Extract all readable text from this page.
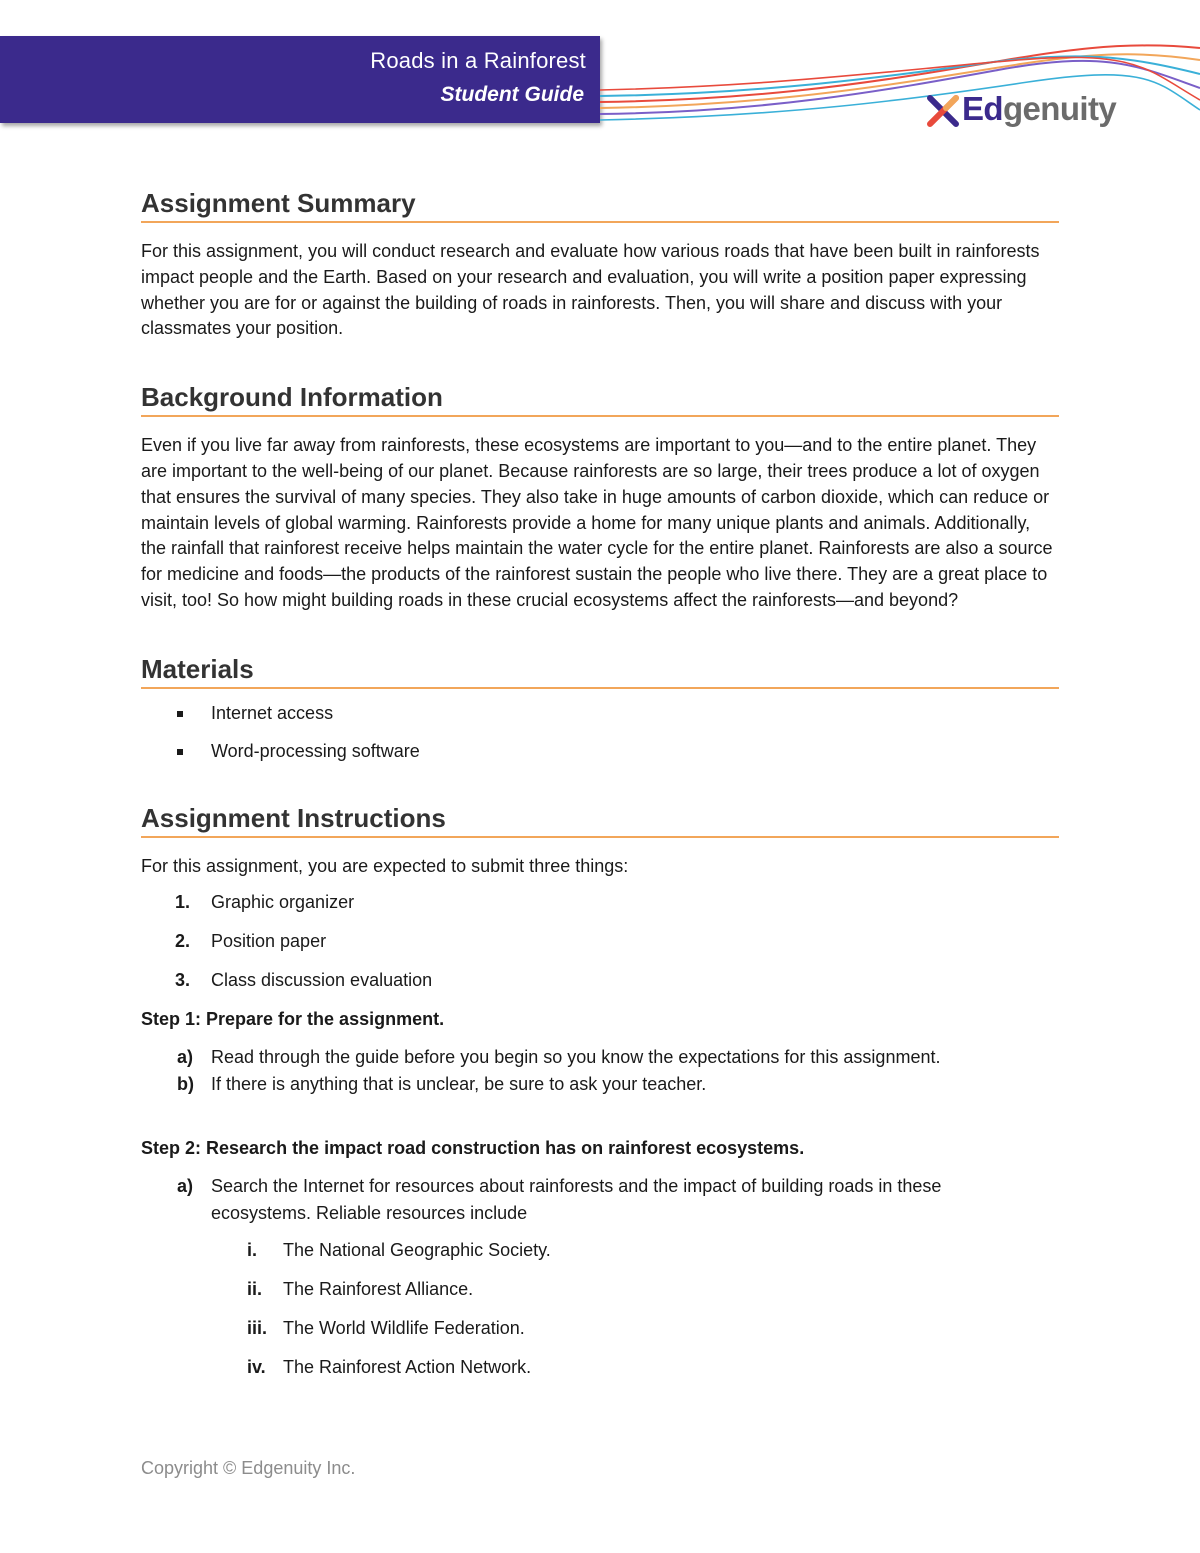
Roads in a Rainforest
Student Guide	Edgenuity
Assignment Summary

For this assignment, you will conduct research and evaluate how various roads that have been built in rainforests impact people and the Earth. Based on your research and evaluation, you will write a position paper expressing whether you are for or against the building of roads in rainforests. Then, you will share and discuss with your classmates your position.

Background Information

Even if you live far away from rainforests, these ecosystems are important to you—and to the entire planet. They are important to the well-being of our planet. Because rainforests are so large, their trees produce a lot of oxygen that ensures the survival of many species. They also take in huge amounts of carbon dioxide, which can reduce or maintain levels of global warming. Rainforests provide a home for many unique plants and animals. Additionally, the rainfall that rainforest receive helps maintain the water cycle for the entire planet. Rainforests are also a source for medicine and foods—the products of the rainforest sustain the people who live there. They are a great place to visit, too! So how might building roads in these crucial ecosystems affect the rainforests—and beyond?

Materials
Internet access
Word-processing software
Assignment Instructions

For this assignment, you are expected to submit three things:

1. Graphic organizer
2. Position paper
3. Class discussion evaluation

Step 1: Prepare for the assignment.

a) Read through the guide before you begin so you know the expectations for this assignment.
b) If there is anything that is unclear, be sure to ask your teacher.

Step 2: Research the impact road construction has on rainforest ecosystems.

a) Search the Internet for resources about rainforests and the impact of building roads in these ecosystems. Reliable resources include
i. The National Geographic Society.
ii. The Rainforest Alliance.
iii. The World Wildlife Federation.
iv. The Rainforest Action Network.
Copyright © Edgenuity Inc.
